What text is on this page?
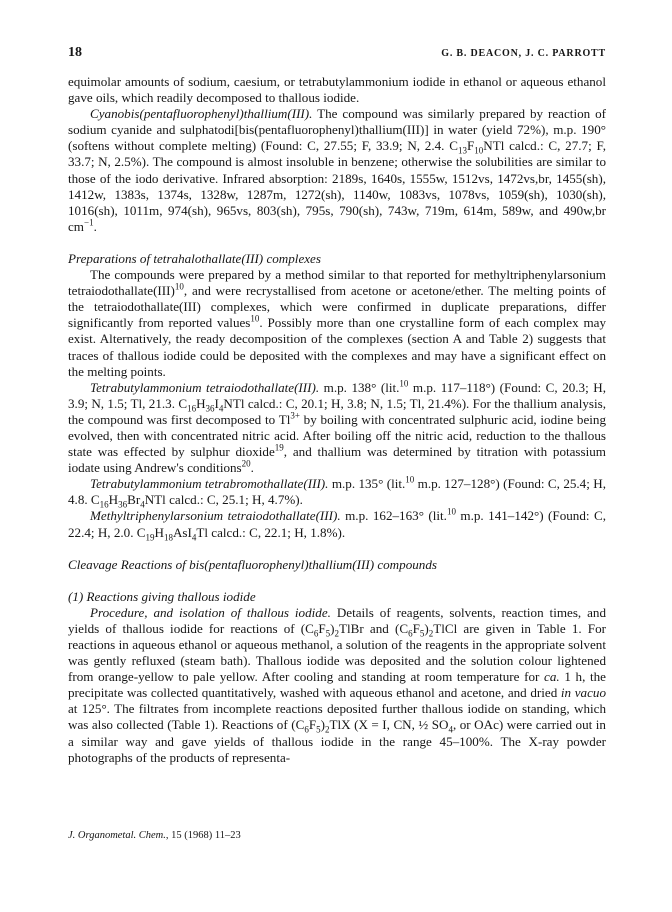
18	G. B. DEACON, J. C. PARROTT

equimolar amounts of sodium, caesium, or tetrabutylammonium iodide in ethanol or aqueous ethanol gave oils, which readily decomposed to thallous iodide.

Cyanobis(pentafluorophenyl)thallium(III). The compound was similarly prepared by reaction of sodium cyanide and sulphatodi[bis(pentafluorophenyl)thallium(III)] in water (yield 72%), m.p. 190° (softens without complete melting) (Found: C, 27.55; F, 33.9; N, 2.4. $C_{13}F_{10}NTl$ calcd.: C, 27.7; F, 33.7; N, 2.5%). The compound is almost insoluble in benzene; otherwise the solubilities are similar to those of the iodo derivative. Infrared absorption: 2189s, 1640s, 1555w, 1512vs, 1472vs,br, 1455(sh), 1412w, 1383s, 1374s, 1328w, 1287m, 1272(sh), 1140w, 1083vs, 1078vs, 1059(sh), 1030(sh), 1016(sh), 1011m, 974(sh), 965vs, 803(sh), 795s, 790(sh), 743w, 719m, 614m, 589w, and 490w,br $cm^{-1}$.

Preparations of tetrahalothallate(III) complexes

The compounds were prepared by a method similar to that reported for methyltriphenylarsonium tetraiodothallate(III)$^{10}$, and were recrystallised from acetone or acetone/ether. The melting points of the tetraiodothallate(III) complexes, which were confirmed in duplicate preparations, differ significantly from reported values$^{10}$. Possibly more than one crystalline form of each complex may exist. Alternatively, the ready decomposition of the complexes (section A and Table 2) suggests that traces of thallous iodide could be deposited with the complexes and may have a significant effect on the melting points.

Tetrabutylammonium tetraiodothallate(III). m.p. 138° (lit.$^{10}$ m.p. 117–118°) (Found: C, 20.3; H, 3.9; N, 1.5; Tl, 21.3. $C_{16}H_{36}I_4NTl$ calcd.: C, 20.1; H, 3.8; N, 1.5; Tl, 21.4%). For the thallium analysis, the compound was first decomposed to $Tl^{3+}$ by boiling with concentrated sulphuric acid, iodine being evolved, then with concentrated nitric acid. After boiling off the nitric acid, reduction to the thallous state was effected by sulphur dioxide$^{19}$, and thallium was determined by titration with potassium iodate using Andrew's conditions$^{20}$.

Tetrabutylammonium tetrabromothallate(III). m.p. 135° (lit.$^{10}$ m.p. 127–128°) (Found: C, 25.4; H, 4.8. $C_{16}H_{36}Br_4NTl$ calcd.: C, 25.1; H, 4.7%).

Methyltriphenylarsonium tetraiodothallate(III). m.p. 162–163° (lit.$^{10}$ m.p. 141–142°) (Found: C, 22.4; H, 2.0. $C_{19}H_{18}AsI_4Tl$ calcd.: C, 22.1; H, 1.8%).

Cleavage Reactions of bis(pentafluorophenyl)thallium(III) compounds

(1) Reactions giving thallous iodide

Procedure, and isolation of thallous iodide. Details of reagents, solvents, reaction times, and yields of thallous iodide for reactions of $(C_6F_5)_2TlBr$ and $(C_6F_5)_2TlCl$ are given in Table 1. For reactions in aqueous ethanol or aqueous methanol, a solution of the reagents in the appropriate solvent was gently refluxed (steam bath). Thallous iodide was deposited and the solution colour lightened from orange-yellow to pale yellow. After cooling and standing at room temperature for ca. 1 h, the precipitate was collected quantitatively, washed with aqueous ethanol and acetone, and dried in vacuo at 125°. The filtrates from incomplete reactions deposited further thallous iodide on standing, which was also collected (Table 1). Reactions of $(C_6F_5)_2TlX$ (X = I, CN, ½ $SO_4$, or OAc) were carried out in a similar way and gave yields of thallous iodide in the range 45–100%. The X-ray powder photographs of the products of representa-

J. Organometal. Chem., 15 (1968) 11–23
